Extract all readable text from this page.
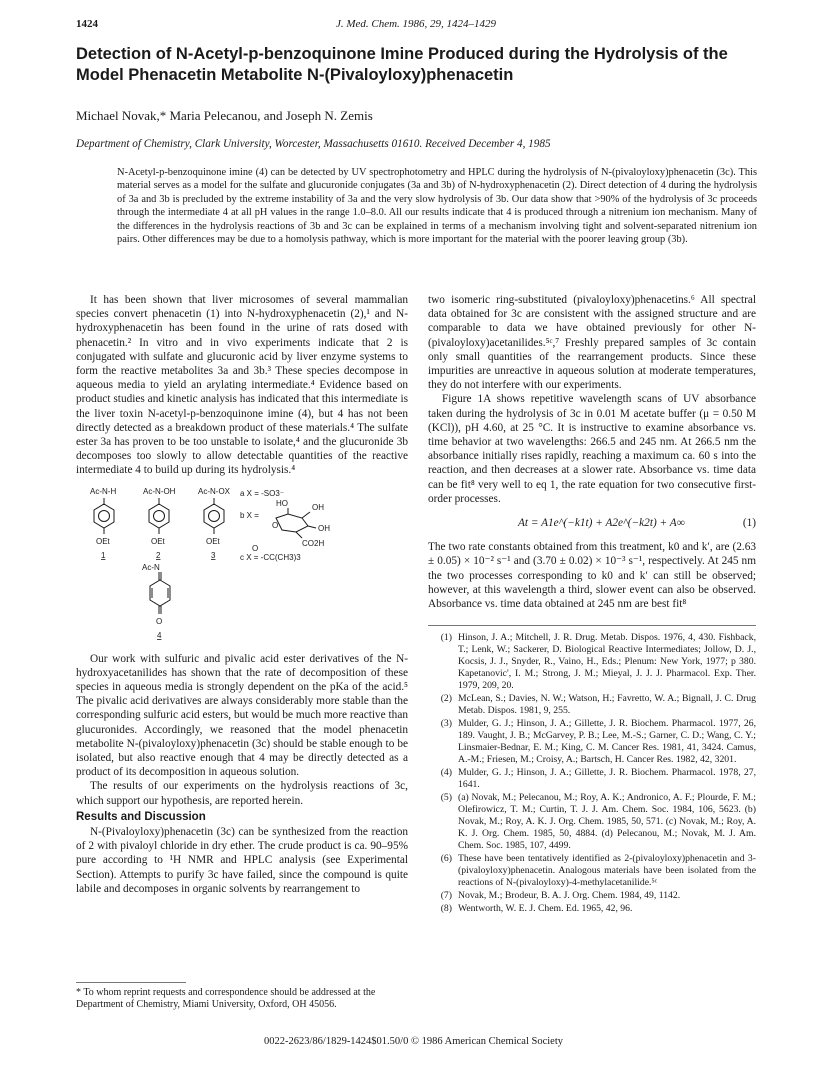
1424	J. Med. Chem. 1986, 29, 1424–1429
Detection of N-Acetyl-p-benzoquinone Imine Produced during the Hydrolysis of the Model Phenacetin Metabolite N-(Pivaloyloxy)phenacetin
Michael Novak,* Maria Pelecanou, and Joseph N. Zemis
Department of Chemistry, Clark University, Worcester, Massachusetts 01610. Received December 4, 1985
N-Acetyl-p-benzoquinone imine (4) can be detected by UV spectrophotometry and HPLC during the hydrolysis of N-(pivaloyloxy)phenacetin (3c). This material serves as a model for the sulfate and glucuronide conjugates (3a and 3b) of N-hydroxyphenacetin (2). Direct detection of 4 during the hydrolysis of 3a and 3b is precluded by the extreme instability of 3a and the very slow hydrolysis of 3b. Our data show that >90% of the hydrolysis of 3c proceeds through the intermediate 4 at all pH values in the range 1.0–8.0. All our results indicate that 4 is produced through a nitrenium ion mechanism. Many of the differences in the hydrolysis reactions of 3b and 3c can be explained in terms of a mechanism involving tight and solvent-separated nitrenium ion pairs. Other differences may be due to a homolysis pathway, which is more important for the material with the poorer leaving group (3b).

It has been shown that liver microsomes of several mammalian species convert phenacetin (1) into N-hydroxyphenacetin (2),¹ and N-hydroxyphenacetin has been found in the urine of rats dosed with phenacetin.² In vitro and in vivo experiments indicate that 2 is conjugated with sulfate and glucuronic acid by liver enzyme systems to form the reactive metabolites 3a and 3b.³ These species decompose in aqueous media to yield an arylating intermediate.⁴ Evidence based on product studies and kinetic analysis has indicated that this intermediate is the liver toxin N-acetyl-p-benzoquinone imine (4), but 4 has not been directly detected as a breakdown product of these materials.⁴ The sulfate ester 3a has proven to be too unstable to isolate,⁴ and the glucuronide 3b decomposes too slowly to allow detectable quantities of the reactive intermediate 4 to build up during its hydrolysis.⁴

Ac-N-H	Ac-N-OH	Ac-N-OX
OEt	OEt	OEt
1	2	3
a X = -SO3⁻
b X =
HO	OH
OH
CO2H
O
O
c X = -CC(CH3)3
Ac-N
O
4

Our work with sulfuric and pivalic acid ester derivatives of the N-hydroxyacetanilides has shown that the rate of decomposition of these species in aqueous media is strongly dependent on the pKa of the acid.⁵ The pivalic acid derivatives are always considerably more stable than the corresponding sulfuric acid esters, but would be much more reactive than glucuronides. Accordingly, we reasoned that the model phenacetin metabolite N-(pivaloyloxy)phenacetin (3c) should be stable enough to be isolated, but also reactive enough that 4 may be directly detected as a product of its decomposition in aqueous solution.

The results of our experiments on the hydrolysis reactions of 3c, which support our hypothesis, are reported herein.

Results and Discussion

N-(Pivaloyloxy)phenacetin (3c) can be synthesized from the reaction of 2 with pivaloyl chloride in dry ether. The crude product is ca. 90–95% pure according to ¹H NMR and HPLC analysis (see Experimental Section). Attempts to purify 3c have failed, since the compound is quite labile and decomposes in organic solvents by rearrangement to

two isomeric ring-substituted (pivaloyloxy)phenacetins.⁶ All spectral data obtained for 3c are consistent with the assigned structure and are comparable to data we have obtained previously for other N-(pivaloyloxy)acetanilides.⁵ᶜ,⁷ Freshly prepared samples of 3c contain only small quantities of the rearrangement products. Since these impurities are unreactive in aqueous solution at moderate temperatures, they do not interfere with our experiments.

Figure 1A shows repetitive wavelength scans of UV absorbance taken during the hydrolysis of 3c in 0.01 M acetate buffer (μ = 0.50 M (KCl)), pH 4.60, at 25 °C. It is instructive to examine absorbance vs. time behavior at two wavelengths: 266.5 and 245 nm. At 266.5 nm the absorbance initially rises rapidly, reaching a maximum ca. 60 s into the reaction, and then decreases at a slower rate. Absorbance vs. time data can be fit⁸ very well to eq 1, the rate equation for two consecutive first-order processes.

At = A1e^(−k1t) + A2e^(−k2t) + A∞	(1)

The two rate constants obtained from this treatment, k0 and k′, are (2.63 ± 0.05) × 10⁻² s⁻¹ and (3.70 ± 0.02) × 10⁻³ s⁻¹, respectively. At 245 nm the two processes corresponding to k0 and k′ can still be observed; however, at this wavelength a third, slower event can also be observed. Absorbance vs. time data obtained at 245 nm are best fit⁸

(1) Hinson, J. A.; Mitchell, J. R. Drug. Metab. Dispos. 1976, 4, 430. Fishback, T.; Lenk, W.; Sackerer, D. Biological Reactive Intermediates; Jollow, D. J., Kocsis, J. J., Snyder, R., Vaino, H., Eds.; Plenum: New York, 1977; p 380. Kapetanovic', I. M.; Strong, J. M.; Mieyal, J. J. J. Pharmacol. Exp. Ther. 1979, 209, 20.
(2) McLean, S.; Davies, N. W.; Watson, H.; Favretto, W. A.; Bignall, J. C. Drug Metab. Dispos. 1981, 9, 255.
(3) Mulder, G. J.; Hinson, J. A.; Gillette, J. R. Biochem. Pharmacol. 1977, 26, 189. Vaught, J. B.; McGarvey, P. B.; Lee, M.-S.; Garner, C. D.; Wang, C. Y.; Linsmaier-Bednar, E. M.; King, C. M. Cancer Res. 1981, 41, 3424. Camus, A.-M.; Friesen, M.; Croisy, A.; Bartsch, H. Cancer Res. 1982, 42, 3201.
(4) Mulder, G. J.; Hinson, J. A.; Gillette, J. R. Biochem. Pharmacol. 1978, 27, 1641.
(5) (a) Novak, M.; Pelecanou, M.; Roy, A. K.; Andronico, A. F.; Plourde, F. M.; Olefirowicz, T. M.; Curtin, T. J. J. Am. Chem. Soc. 1984, 106, 5623. (b) Novak, M.; Roy, A. K. J. Org. Chem. 1985, 50, 571. (c) Novak, M.; Roy, A. K. J. Org. Chem. 1985, 50, 4884. (d) Pelecanou, M.; Novak, M. J. Am. Chem. Soc. 1985, 107, 4499.
(6) These have been tentatively identified as 2-(pivaloyloxy)phenacetin and 3-(pivaloyloxy)phenacetin. Analogous materials have been isolated from the reactions of N-(pivaloyloxy)-4-methylacetanilide.⁵ᶜ
(7) Novak, M.; Brodeur, B. A. J. Org. Chem. 1984, 49, 1142.
(8) Wentworth, W. E. J. Chem. Ed. 1965, 42, 96.
* To whom reprint requests and correspondence should be addressed at the Department of Chemistry, Miami University, Oxford, OH 45056.
0022-2623/86/1829-1424$01.50/0 © 1986 American Chemical Society
